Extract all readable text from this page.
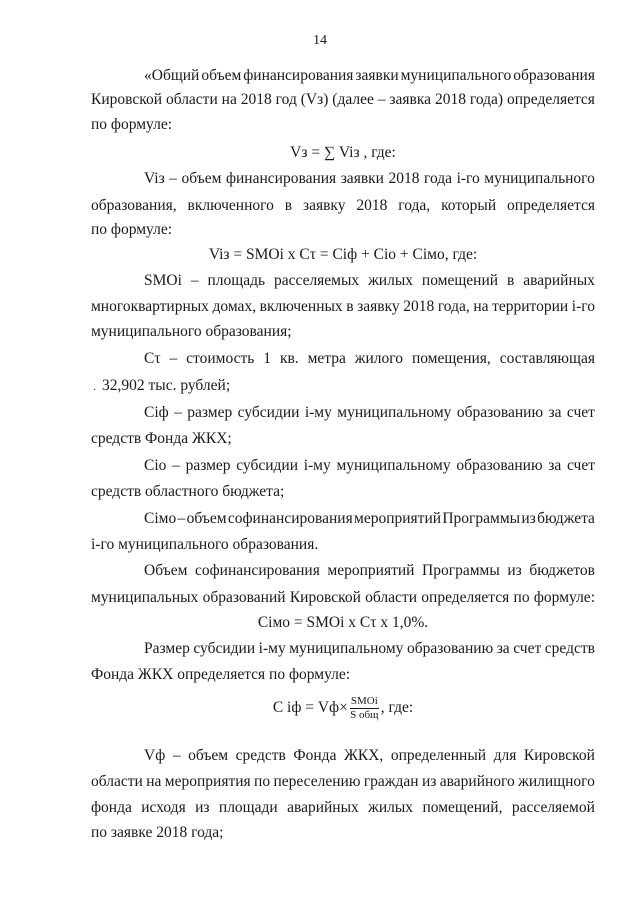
14
·
«Общий объем финансирования заявки муниципального образования
Кировской области на 2018 год (Vз) (далее – заявка 2018 года) определяется
по формуле:
Vз = ∑ Viз , где:
Viз – объем финансирования заявки 2018 года i-го муниципального
образования, включенного в заявку 2018 года, который определяется
по формуле:
Viз = SМОi x Сτ = Сiф + Сiо + Сiмо, где:
SМОi – площадь расселяемых жилых помещений в аварийных
многоквартирных домах, включенных в заявку 2018 года, на территории i-го
муниципального образования;
Сτ – стоимость 1 кв. метра жилого помещения, составляющая
32,902 тыс. рублей;
Сiф – размер субсидии i-му муниципальному образованию за счет
средств Фонда ЖКХ;
Сiо – размер субсидии i-му муниципальному образованию за счет
средств областного бюджета;
Сiмо – объем софинансирования мероприятий Программы из бюджета
i-го муниципального образования.
Объем софинансирования мероприятий Программы из бюджетов
муниципальных образований Кировской области определяется по формуле:
Сiмо = SМОi x Сτ x 1,0%.
Размер субсидии i-му муниципальному образованию за счет средств
Фонда ЖКХ определяется по формуле:
С iф = $Vф\times \frac{\text{SМОi}}{\text{S общ}}$ , где:
Vф – объем средств Фонда ЖКХ, определенный для Кировской
области на мероприятия по переселению граждан из аварийного жилищного
фонда исходя из площади аварийных жилых помещений, расселяемой
по заявке 2018 года;
